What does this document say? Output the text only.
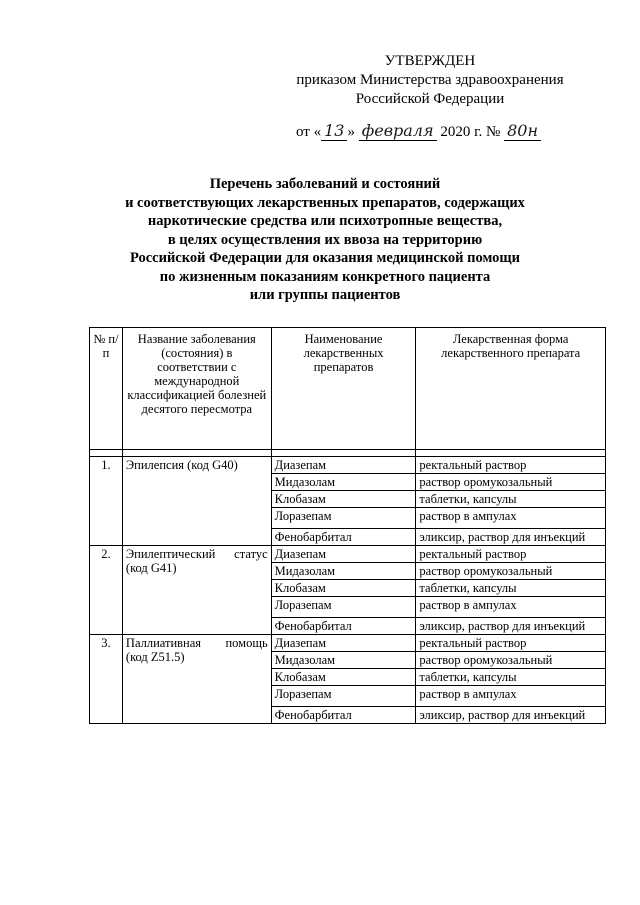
УТВЕРЖДЕН
приказом Министерства здравоохранения
Российской Федерации
от « 13 » февраля 2020 г. № 80н
Перечень заболеваний и состояний
и соответствующих лекарственных препаратов, содержащих
наркотические средства или психотропные вещества,
в целях осуществления их ввоза на территорию
Российской Федерации для оказания медицинской помощи
по жизненным показаниям конкретного пациента
или группы пациентов
№ п/п	Название заболевания (состояния) в соответствии с международной классификацией болезней десятого пересмотра	Наименование лекарственных препаратов	Лекарственная форма лекарственного препарата

1.	Эпилепсия (код G40)	Диазепам	ректальный раствор
		Мидазолам	раствор оромукозальный
		Клобазам	таблетки, капсулы
		Лоразепам	раствор в ампулах
		Фенобарбитал	эликсир, раствор для инъекций
2.	Эпилептический статус (код G41)	Диазепам	ректальный раствор
		Мидазолам	раствор оромукозальный
		Клобазам	таблетки, капсулы
		Лоразепам	раствор в ампулах
		Фенобарбитал	эликсир, раствор для инъекций
3.	Паллиативная помощь (код Z51.5)	Диазепам	ректальный раствор
		Мидазолам	раствор оромукозальный
		Клобазам	таблетки, капсулы
		Лоразепам	раствор в ампулах
		Фенобарбитал	эликсир, раствор для инъекций
